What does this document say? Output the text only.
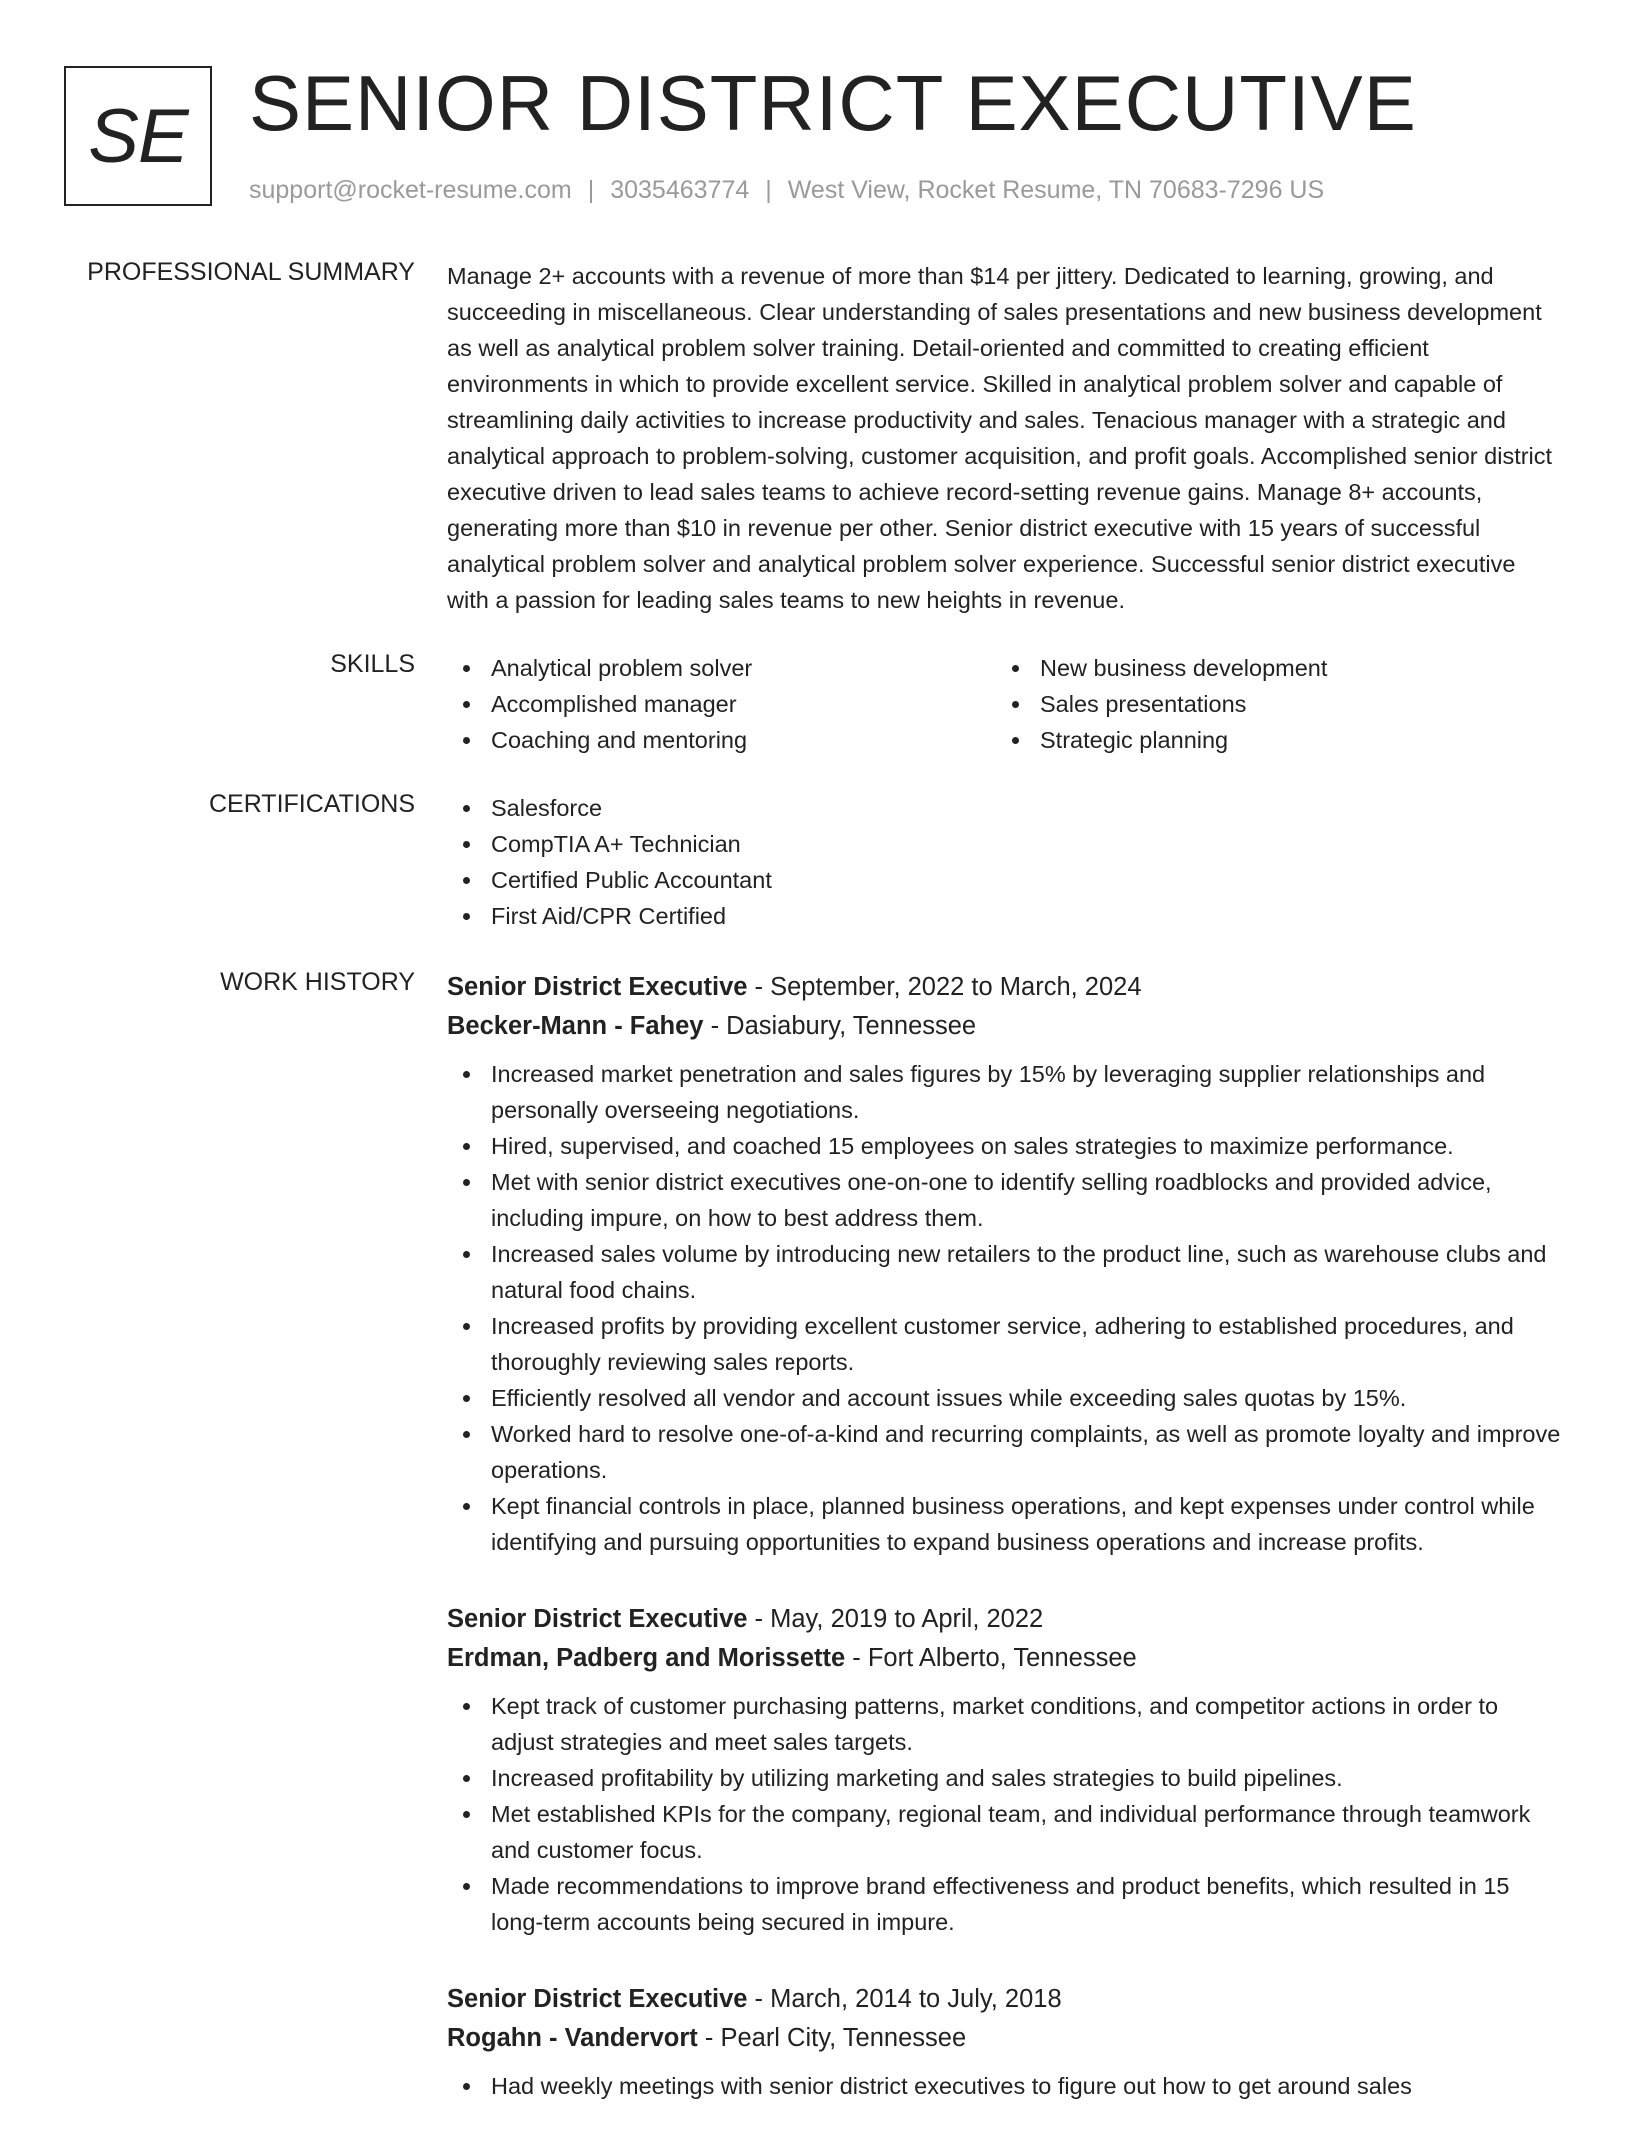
SE SENIOR DISTRICT EXECUTIVE
support@rocket-resume.com | 3035463774 | West View, Rocket Resume, TN 70683-7296 US
PROFESSIONAL SUMMARY Manage 2+ accounts with a revenue of more than $14 per jittery. Dedicated to learning, growing, and succeeding in miscellaneous. Clear understanding of sales presentations and new business development as well as analytical problem solver training. Detail-oriented and committed to creating efficient environments in which to provide excellent service. Skilled in analytical problem solver and capable of streamlining daily activities to increase productivity and sales. Tenacious manager with a strategic and analytical approach to problem-solving, customer acquisition, and profit goals. Accomplished senior district executive driven to lead sales teams to achieve record-setting revenue gains. Manage 8+ accounts, generating more than $10 in revenue per other. Senior district executive with 15 years of successful analytical problem solver and analytical problem solver experience. Successful senior district executive with a passion for leading sales teams to new heights in revenue.

SKILLS	Analytical problem solver
Accomplished manager
Coaching and mentoring
New business development
Sales presentations
Strategic planning
CERTIFICATIONS	Salesforce
CompTIA A+ Technician
Certified Public Accountant
First Aid/CPR Certified
WORK HISTORY Senior District Executive - September, 2022 to March, 2024
Becker-Mann - Fahey - Dasiabury, Tennessee
Increased market penetration and sales figures by 15% by leveraging supplier relationships and personally overseeing negotiations.
Hired, supervised, and coached 15 employees on sales strategies to maximize performance.
Met with senior district executives one-on-one to identify selling roadblocks and provided advice, including impure, on how to best address them.
Increased sales volume by introducing new retailers to the product line, such as warehouse clubs and natural food chains.
Increased profits by providing excellent customer service, adhering to established procedures, and thoroughly reviewing sales reports.
Efficiently resolved all vendor and account issues while exceeding sales quotas by 15%.
Worked hard to resolve one-of-a-kind and recurring complaints, as well as promote loyalty and improve operations.
Kept financial controls in place, planned business operations, and kept expenses under control while identifying and pursuing opportunities to expand business operations and increase profits.
Senior District Executive - May, 2019 to April, 2022
Erdman, Padberg and Morissette - Fort Alberto, Tennessee
Kept track of customer purchasing patterns, market conditions, and competitor actions in order to adjust strategies and meet sales targets.
Increased profitability by utilizing marketing and sales strategies to build pipelines.
Met established KPIs for the company, regional team, and individual performance through teamwork and customer focus.
Made recommendations to improve brand effectiveness and product benefits, which resulted in 15 long-term accounts being secured in impure.
Senior District Executive - March, 2014 to July, 2018
Rogahn - Vandervort - Pearl City, Tennessee
Had weekly meetings with senior district executives to figure out how to get around sales
